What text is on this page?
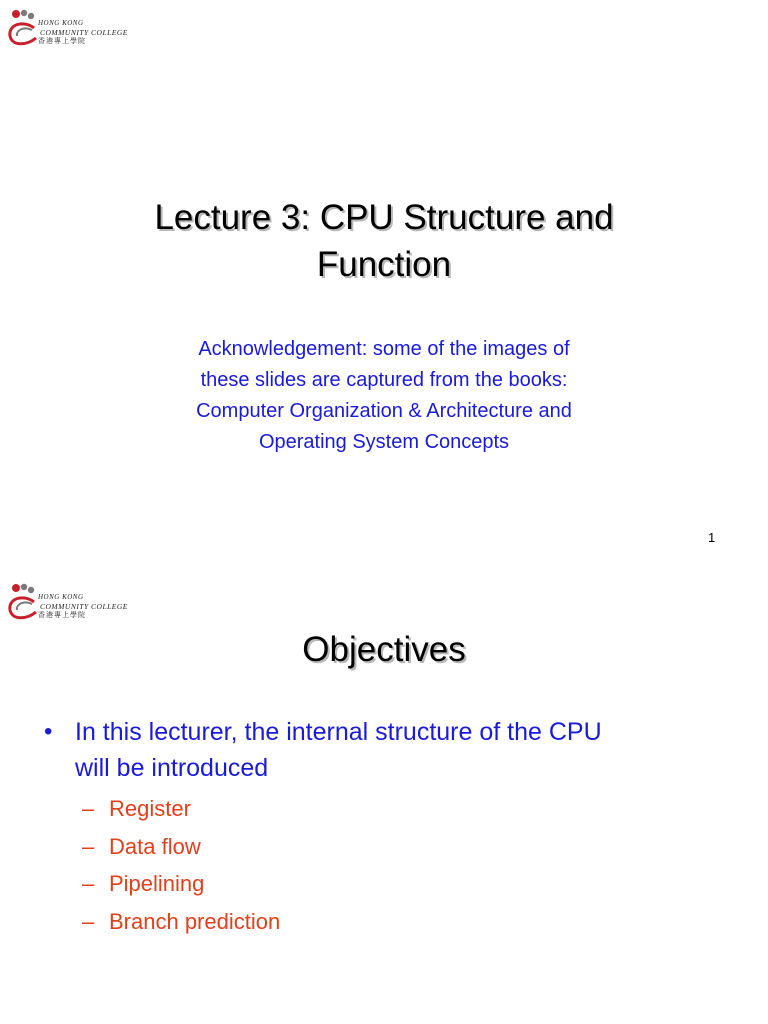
HONG KONG
COMMUNITY COLLEGE
香港專上學院
Lecture 3: CPU Structure and
Function

Acknowledgement: some of the images of
these slides are captured from the books:
Computer Organization & Architecture and
Operating System Concepts

1
HONG KONG
COMMUNITY COLLEGE
香港專上學院
Objectives
• In this lecturer, the internal structure of the CPU
will be introduced
– Register
– Data flow
– Pipelining
– Branch prediction
